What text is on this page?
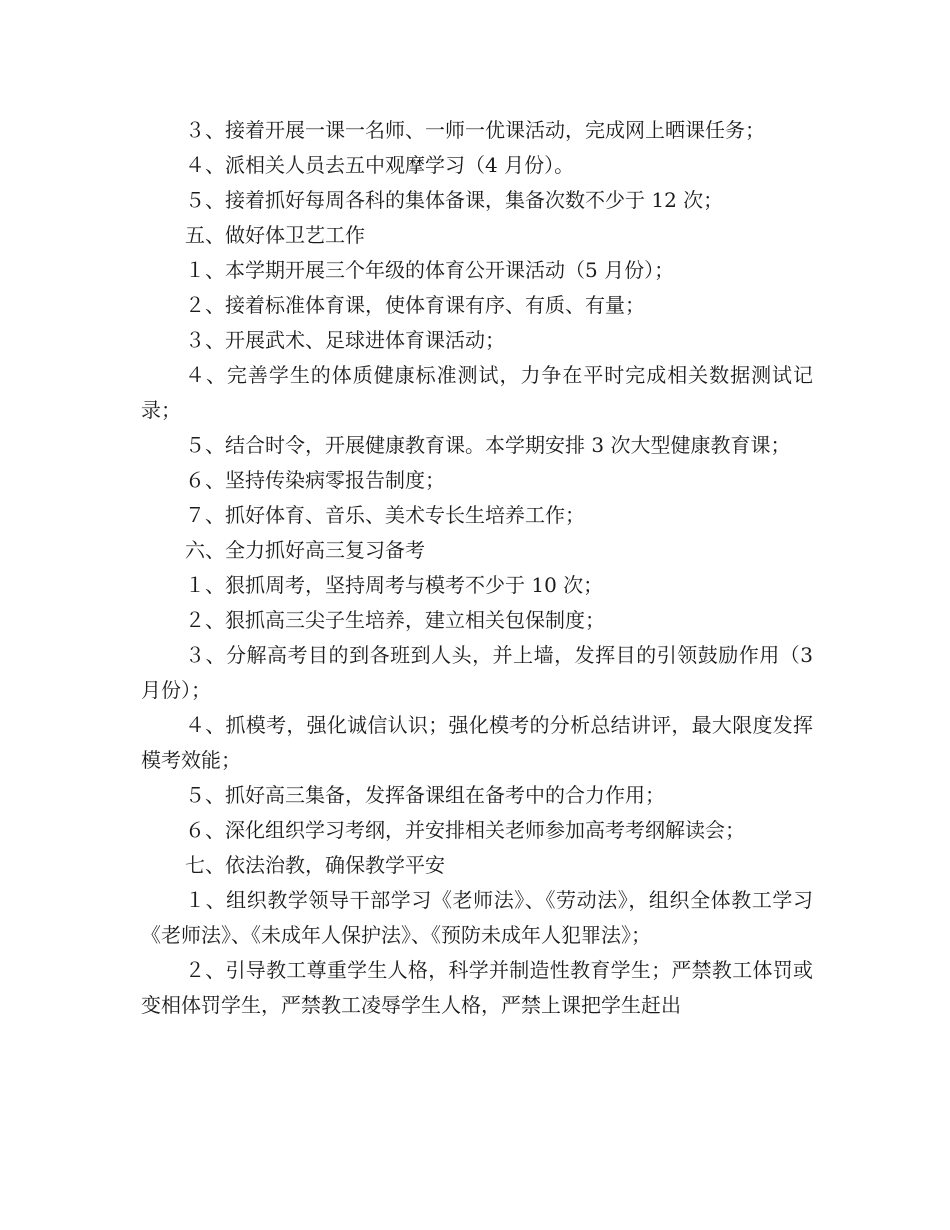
３、接着开展一课一名师、一师一优课活动，完成网上晒课任务；

４、派相关人员去五中观摩学习（4 月份）。

５、接着抓好每周各科的集体备课，集备次数不少于 12 次；

五、做好体卫艺工作

１、本学期开展三个年级的体育公开课活动（5 月份）；

２、接着标准体育课，使体育课有序、有质、有量；

３、开展武术、足球进体育课活动；

４、完善学生的体质健康标准测试，力争在平时完成相关数据测试记录；

５、结合时令，开展健康教育课。本学期安排 3 次大型健康教育课；

６、坚持传染病零报告制度；

７、抓好体育、音乐、美术专长生培养工作；

六、全力抓好高三复习备考

１、狠抓周考，坚持周考与模考不少于 10 次；

２、狠抓高三尖子生培养，建立相关包保制度；

３、分解高考目的到各班到人头，并上墙，发挥目的引领鼓励作用（3 月份）；

４、抓模考，强化诚信认识；强化模考的分析总结讲评，最大限度发挥模考效能；

５、抓好高三集备，发挥备课组在备考中的合力作用；

６、深化组织学习考纲，并安排相关老师参加高考考纲解读会；

七、依法治教，确保教学平安

１、组织教学领导干部学习《老师法》、《劳动法》，组织全体教工学习《老师法》、《未成年人保护法》、《预防未成年人犯罪法》；

２、引导教工尊重学生人格，科学并制造性教育学生；严禁教工体罚或变相体罚学生，严禁教工凌辱学生人格，严禁上课把学生赶出
